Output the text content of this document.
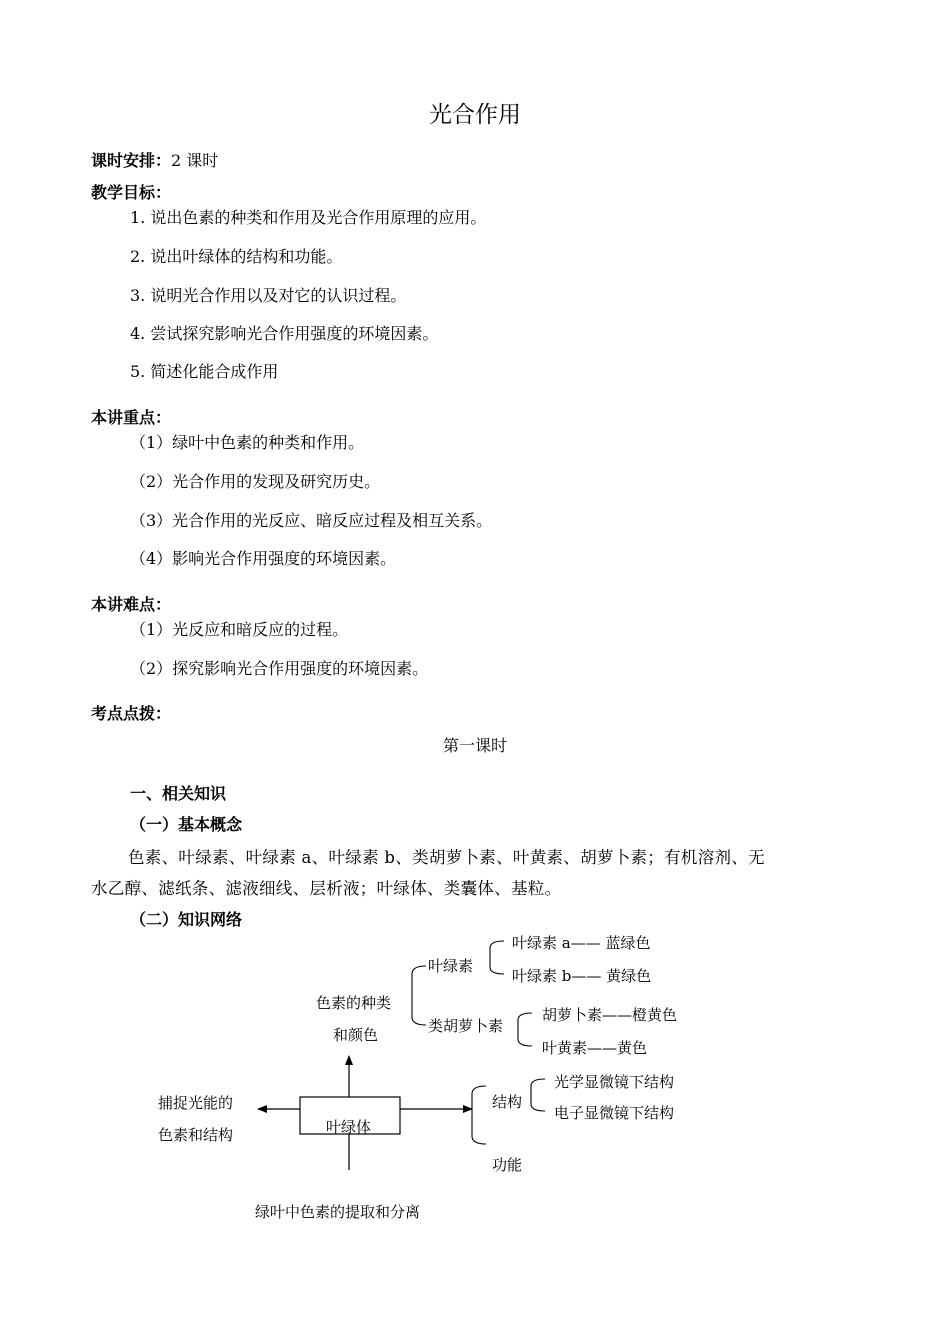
光合作用
课时安排：2 课时
教学目标：
1. 说出色素的种类和作用及光合作用原理的应用。
2. 说出叶绿体的结构和功能。
3. 说明光合作用以及对它的认识过程。
4. 尝试探究影响光合作用强度的环境因素。
5. 简述化能合成作用
本讲重点：
（1）绿叶中色素的种类和作用。
（2）光合作用的发现及研究历史。
（3）光合作用的光反应、暗反应过程及相互关系。
（4）影响光合作用强度的环境因素。
本讲难点：
（1）光反应和暗反应的过程。
（2）探究影响光合作用强度的环境因素。
考点点拨：
第一课时
一、相关知识
（一）基本概念
色素、叶绿素、叶绿素 a、叶绿素 b、类胡萝卜素、叶黄素、胡萝卜素；有机溶剂、无
水乙醇、滤纸条、滤液细线、层析液；叶绿体、类囊体、基粒。
（二）知识网络
叶绿体
色素的种类
和颜色
叶绿素
叶绿素 a—— 蓝绿色
叶绿素 b—— 黄绿色
类胡萝卜素
胡萝卜素——橙黄色
叶黄素——黄色
捕捉光能的
色素和结构
结构
光学显微镜下结构
电子显微镜下结构
功能
绿叶中色素的提取和分离
